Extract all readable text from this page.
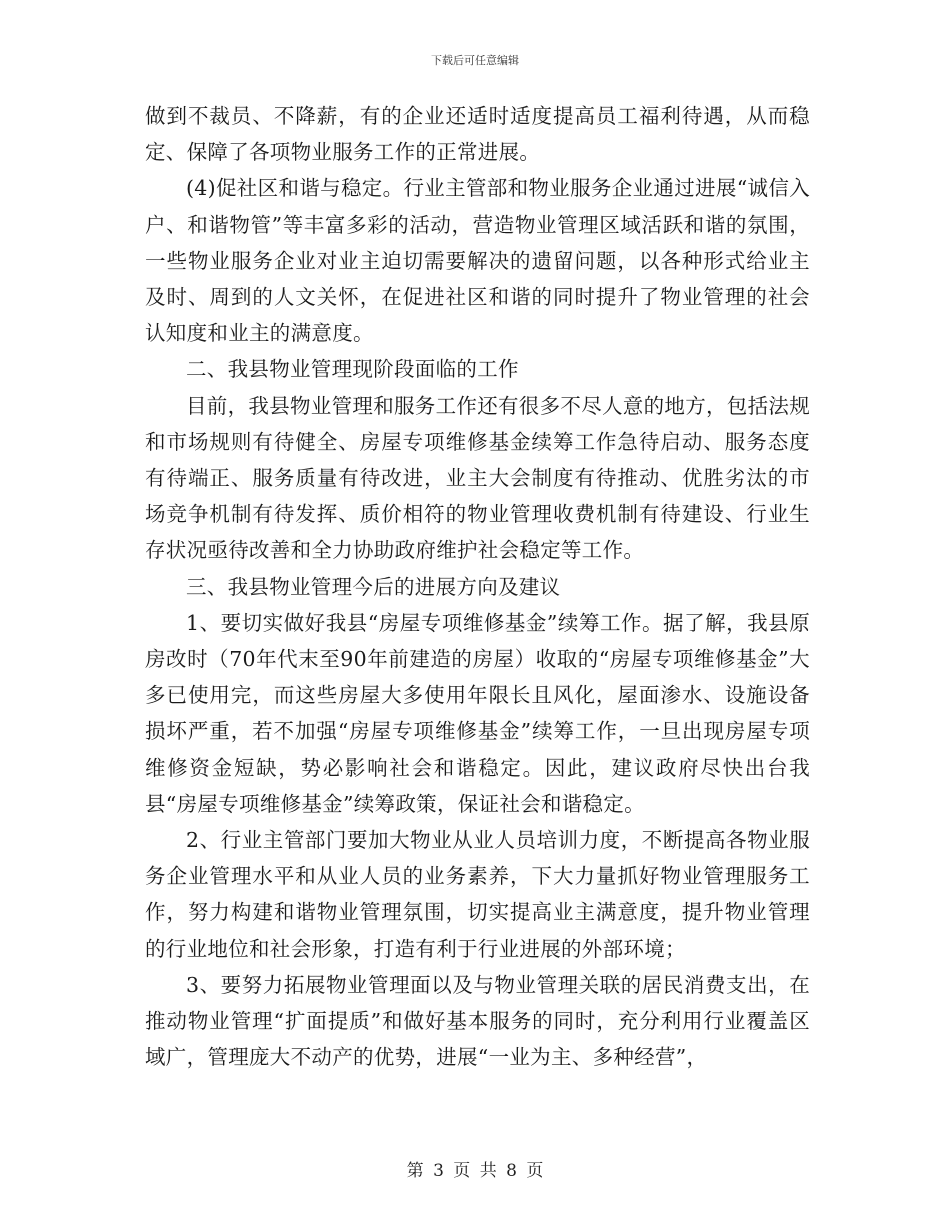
下载后可任意编辑

做到不裁员、不降薪，有的企业还适时适度提高员工福利待遇，从而稳定、保障了各项物业服务工作的正常进展。

(4)促社区和谐与稳定。行业主管部和物业服务企业通过进展“诚信入户、和谐物管”等丰富多彩的活动，营造物业管理区域活跃和谐的氛围，一些物业服务企业对业主迫切需要解决的遗留问题，以各种形式给业主及时、周到的人文关怀，在促进社区和谐的同时提升了物业管理的社会认知度和业主的满意度。

二、我县物业管理现阶段面临的工作

目前，我县物业管理和服务工作还有很多不尽人意的地方，包括法规和市场规则有待健全、房屋专项维修基金续筹工作急待启动、服务态度有待端正、服务质量有待改进，业主大会制度有待推动、优胜劣汰的市场竞争机制有待发挥、质价相符的物业管理收费机制有待建设、行业生存状况亟待改善和全力协助政府维护社会稳定等工作。

三、我县物业管理今后的进展方向及建议

1、要切实做好我县“房屋专项维修基金”续筹工作。据了解，我县原房改时（70年代末至90年前建造的房屋）收取的“房屋专项维修基金”大多已使用完，而这些房屋大多使用年限长且风化，屋面渗水、设施设备损坏严重，若不加强“房屋专项维修基金”续筹工作，一旦出现房屋专项维修资金短缺，势必影响社会和谐稳定。因此，建议政府尽快出台我县“房屋专项维修基金”续筹政策，保证社会和谐稳定。

2、行业主管部门要加大物业从业人员培训力度，不断提高各物业服务企业管理水平和从业人员的业务素养，下大力量抓好物业管理服务工作，努力构建和谐物业管理氛围，切实提高业主满意度，提升物业管理的行业地位和社会形象，打造有利于行业进展的外部环境；

3、要努力拓展物业管理面以及与物业管理关联的居民消费支出，在推动物业管理“扩面提质”和做好基本服务的同时，充分利用行业覆盖区域广，管理庞大不动产的优势，进展“一业为主、多种经营”，

第 3 页 共 8 页
